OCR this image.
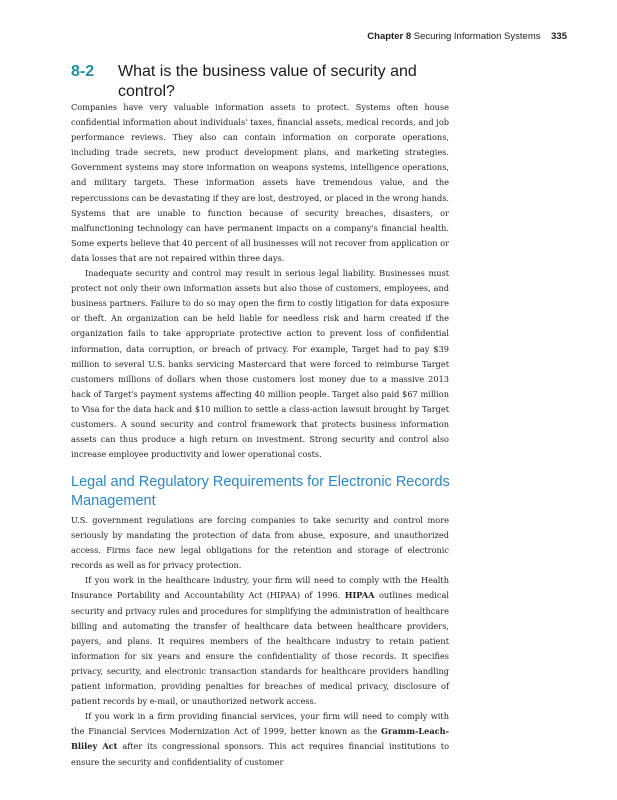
Chapter 8 Securing Information Systems 335
8-2	What is the business value of security and control?

Companies have very valuable information assets to protect. Systems often house confidential information about individuals' taxes, financial assets, medical records, and job performance reviews. They also can contain information on corporate operations, including trade secrets, new product development plans, and marketing strategies. Government systems may store information on weapons systems, intelligence operations, and military targets. These information assets have tremendous value, and the repercussions can be devastating if they are lost, destroyed, or placed in the wrong hands. Systems that are unable to function because of security breaches, disasters, or malfunctioning technology can have permanent impacts on a company's financial health. Some experts believe that 40 percent of all businesses will not recover from application or data losses that are not repaired within three days.

Inadequate security and control may result in serious legal liability. Businesses must protect not only their own information assets but also those of customers, employees, and business partners. Failure to do so may open the firm to costly litigation for data exposure or theft. An organization can be held liable for needless risk and harm created if the organization fails to take appropriate protective action to prevent loss of confidential information, data corruption, or breach of privacy. For example, Target had to pay $39 million to several U.S. banks servicing Mastercard that were forced to reimburse Target customers millions of dollars when those customers lost money due to a massive 2013 hack of Target's payment systems affecting 40 million people. Target also paid $67 million to Visa for the data hack and $10 million to settle a class-action lawsuit brought by Target customers. A sound security and control framework that protects business information assets can thus produce a high return on investment. Strong security and control also increase employee productivity and lower operational costs.

Legal and Regulatory Requirements for Electronic Records Management

U.S. government regulations are forcing companies to take security and control more seriously by mandating the protection of data from abuse, exposure, and unauthorized access. Firms face new legal obligations for the retention and storage of electronic records as well as for privacy protection.

If you work in the healthcare industry, your firm will need to comply with the Health Insurance Portability and Accountability Act (HIPAA) of 1996. HIPAA outlines medical security and privacy rules and procedures for simplifying the administration of healthcare billing and automating the transfer of healthcare data between healthcare providers, payers, and plans. It requires members of the healthcare industry to retain patient information for six years and ensure the confidentiality of those records. It specifies privacy, security, and electronic transaction standards for healthcare providers handling patient information, providing penalties for breaches of medical privacy, disclosure of patient records by e-mail, or unauthorized network access.

If you work in a firm providing financial services, your firm will need to comply with the Financial Services Modernization Act of 1999, better known as the Gramm-Leach-Bliley Act after its congressional sponsors. This act requires financial institutions to ensure the security and confidentiality of customer
